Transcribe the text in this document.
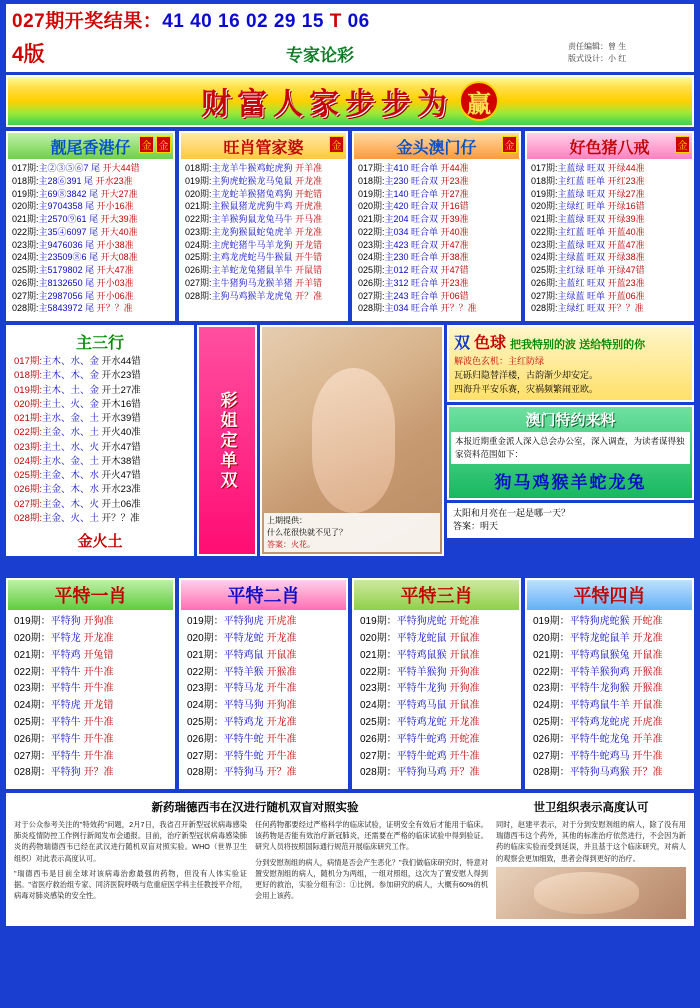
027期开奖结果：41 40 16 02 29 15 T 06
4版	专家论彩	责任编辑：曾 生
版式设计：小 红
财富人家步步为 赢
靓尾香港仔 金 金
017期:主②③⑤⑥7 尾 开大44错
018期:主28⑥391 尾 开水23准
019期:主69⑧3842 尾 开大27准
020期:主9704358 尾 开小16准
021期:主2570⑨61 尾 开大39准
022期:主35④6097 尾 开大40准
023期:主9476036 尾 开小38准
024期:主23509⑧6 尾 开大08准
025期:主5179802 尾 开大47准
026期:主8132650 尾 开小03准
027期:主2987056 尾 开小06准
028期:主5843972 尾 开？？准
旺肖管家婆	金
018期:主龙羊牛猴鸡蛇虎狗 开羊准
019期:主狗虎蛇猴龙马兔鼠 开龙准
020期:主龙蛇羊猴猪兔鸡狗 开蛇错
021期:主猴鼠猪龙虎狗牛鸡 开虎准
022期:主羊猴狗鼠龙兔马牛 开马准
023期:主龙狗猴鼠蛇兔虎羊 开龙准
024期:主虎蛇猪牛马羊龙狗 开龙错
025期:主鸡龙虎蛇马牛猴鼠 开牛错
026期:主羊蛇龙兔猪鼠羊牛 开鼠错
027期:主牛猪狗马龙猴羊猪 开羊错
028期:主狗马鸡猴羊龙虎兔 开？准
金头澳门仔	金
017期:主410 旺合单 开44准
018期:主230 旺合双 开23准
019期:主140 旺合单 开27准
020期:主420 旺合双 开16错
021期:主204 旺合双 开39准
022期:主034 旺合单 开40准
023期:主423 旺合双 开47准
024期:主230 旺合单 开38准
025期:主012 旺合双 开47错
026期:主312 旺合单 开23准
027期:主243 旺合单 开06错
028期:主034 旺合单 开？？准
好色猪八戒	金
017期:主蓝绿 旺双 开绿44准
018期:主红蓝 旺单 开红23准
019期:主蓝绿 旺双 开绿27准
020期:主绿红 旺单 开绿16错
021期:主蓝绿 旺双 开绿39准
022期:主红蓝 旺单 开蓝40准
023期:主蓝绿 旺双 开蓝47准
024期:主绿蓝 旺双 开绿38准
025期:主红绿 旺单 开绿47错
026期:主蓝红 旺双 开蓝23准
027期:主绿蓝 旺单 开蓝06准
028期:主绿红 旺双 开？？准
主三行
017期:主木、水、金 开水44错
018期:主木、木、金 开水23错
019期:主木、土、金 开土27准
020期:主土、火、金 开木16错
021期:主水、金、土 开水39错
022期:主金、水、土 开火40准
023期:主土、水、火 开水47错
024期:主水、金、土 开木38错
025期:主金、木、水 开火47错
026期:主金、木、水 开水23准
027期:主金、木、火 开土06准
028期:主金、火、土 开？？准
金火土
彩姐定单双
上期提供：
什么花很快就不见了？
答案：火花。
双 色球 把我特别的波 送给特别的你
解波色玄机：主红防绿
瓦砾归隐替洋楼，古韵渐少却安定。
四海升平安乐赛，灾祸频繁闹亚欧。
澳门特约来料
本报近期重金派人深入总会办公室，深入调查，为读者谋得独家资料范围如下：
狗马鸡猴羊蛇龙兔
太阳和月亮在一起是哪一天？
答案：明天
平特一肖
019期：平特狗 开狗准
020期：平特龙 开龙准
021期：平特鸡 开兔错
022期：平特牛 开牛准
023期：平特牛 开牛准
024期：平特虎 开龙错
025期：平特牛 开牛准
026期：平特牛 开牛准
027期：平特牛 开牛准
028期：平特狗 开？准
平特二肖
019期：平特狗虎 开虎准
020期：平特龙蛇 开龙准
021期：平特鸡鼠 开鼠准
022期：平特羊猴 开猴准
023期：平特马龙 开牛准
024期：平特马狗 开狗准
025期：平特鸡龙 开龙准
026期：平特牛蛇 开牛准
027期：平特牛蛇 开牛准
028期：平特狗马 开？准
平特三肖
019期：平特狗虎蛇 开蛇准
020期：平特龙蛇鼠 开鼠准
021期：平特鸡鼠猴 开鼠准
022期：平特羊猴狗 开狗准
023期：平特牛龙狗 开狗准
024期：平特鸡马鼠 开鼠准
025期：平特鸡龙蛇 开龙准
026期：平特牛蛇鸡 开蛇准
027期：平特牛蛇鸡 开牛准
028期：平特狗马鸡 开？准
平特四肖
019期：平特狗虎蛇猴 开蛇准
020期：平特龙蛇鼠羊 开龙准
021期：平特鸡鼠猴兔 开鼠准
022期：平特羊猴狗鸡 开猴准
023期：平特牛龙狗猴 开猴准
024期：平特鸡鼠牛羊 开鼠准
025期：平特鸡龙蛇虎 开虎准
026期：平特牛蛇龙兔 开羊准
027期：平特牛蛇鸡马 开牛准
028期：平特狗马鸡猴 开？准
新药瑞德西韦在汉进行随机双盲对照实验	世卫组织表示高度认可
对于公众参考关注的"特效药"问题，2月7日，我省召开新型冠状病毒感染肺炎疫情防控工作例行新闻发布会通报。目前，治疗新型冠状病毒感染肺炎的药物瑞德西韦已经在武汉进行随机双盲对照实验。WHO（世界卫生组织）对此表示高度认可。

"瑞德西韦是目前全球对该病毒治愈最强的药物，但没有人体实验证据。"省医疗救治组专家、同济医院呼吸与危重症医学科主任教授平介绍，病毒对肺炎感染的安全性。

任何药物都要经过严格科学的临床试验，证明安全有效后才能用于临床。该药物是否能有效治疗新冠肺炎，还需要在严格的临床试验中得到验证。研究人员将按照国际通行规范开展临床研究工作。

分到安慰剂组的病人，病情是否会产生恶化？"我们做临床研究时，特意对置安慰剂组的病人，随机分为两组，一组对照组，这次为了置安慰人得到更好的救治，实验分组有②：①比例。参加研究的病人，大概有60%的机会用上该药。

同时，赵建平表示，对于分到安慰剂组的病人，除了没有用瑞德西韦这个药外，其他的标准治疗依然进行，不会因为新药的临床实验而受到延误，并且基于这个临床研究，对病人的观察会更加细致，患者会得到更好的治疗。
